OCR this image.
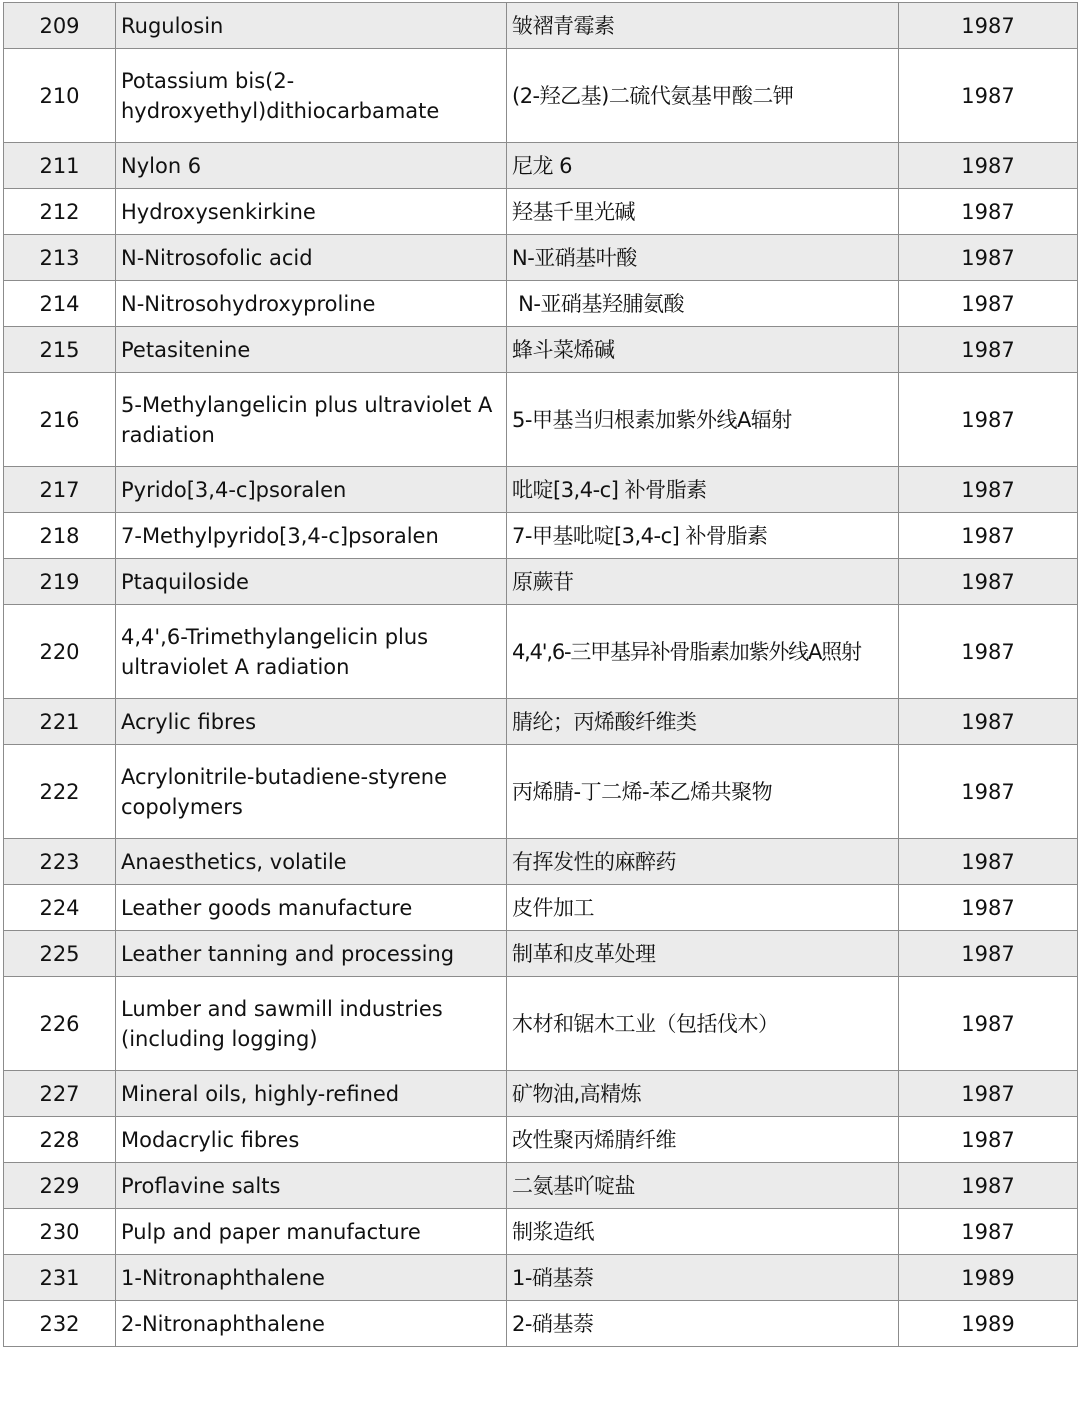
209	Rugulosin	皱褶青霉素	1987
210	Potassium bis(2-hydroxyethyl)dithiocarbamate	(2-羟乙基)二硫代氨基甲酸二钾	1987
211	Nylon 6	尼龙 6	1987
212	Hydroxysenkirkine	羟基千里光碱	1987
213	N-Nitrosofolic acid	N-亚硝基叶酸	1987
214	N-Nitrosohydroxyproline	N-亚硝基羟脯氨酸	1987
215	Petasitenine	蜂斗菜烯碱	1987
216	5-Methylangelicin plus ultraviolet A radiation	5-甲基当归根素加紫外线A辐射	1987
217	Pyrido[3,4-c]psoralen	吡啶[3,4-c] 补骨脂素	1987
218	7-Methylpyrido[3,4-c]psoralen	7-甲基吡啶[3,4-c] 补骨脂素	1987
219	Ptaquiloside	原蕨苷	1987
220	4,4',6-Trimethylangelicin plus ultraviolet A radiation	4,4',6-三甲基异补骨脂素加紫外线A照射	1987
221	Acrylic fibres	腈纶；丙烯酸纤维类	1987
222	Acrylonitrile-butadiene-styrene copolymers	丙烯腈-丁二烯-苯乙烯共聚物	1987
223	Anaesthetics, volatile	有挥发性的麻醉药	1987
224	Leather goods manufacture	皮件加工	1987
225	Leather tanning and processing	制革和皮革处理	1987
226	Lumber and sawmill industries (including logging)	木材和锯木工业（包括伐木）	1987
227	Mineral oils, highly-refined	矿物油,高精炼	1987
228	Modacrylic fibres	改性聚丙烯腈纤维	1987
229	Proflavine salts	二氨基吖啶盐	1987
230	Pulp and paper manufacture	制浆造纸	1987
231	1-Nitronaphthalene	1-硝基萘	1989
232	2-Nitronaphthalene	2-硝基萘	1989
